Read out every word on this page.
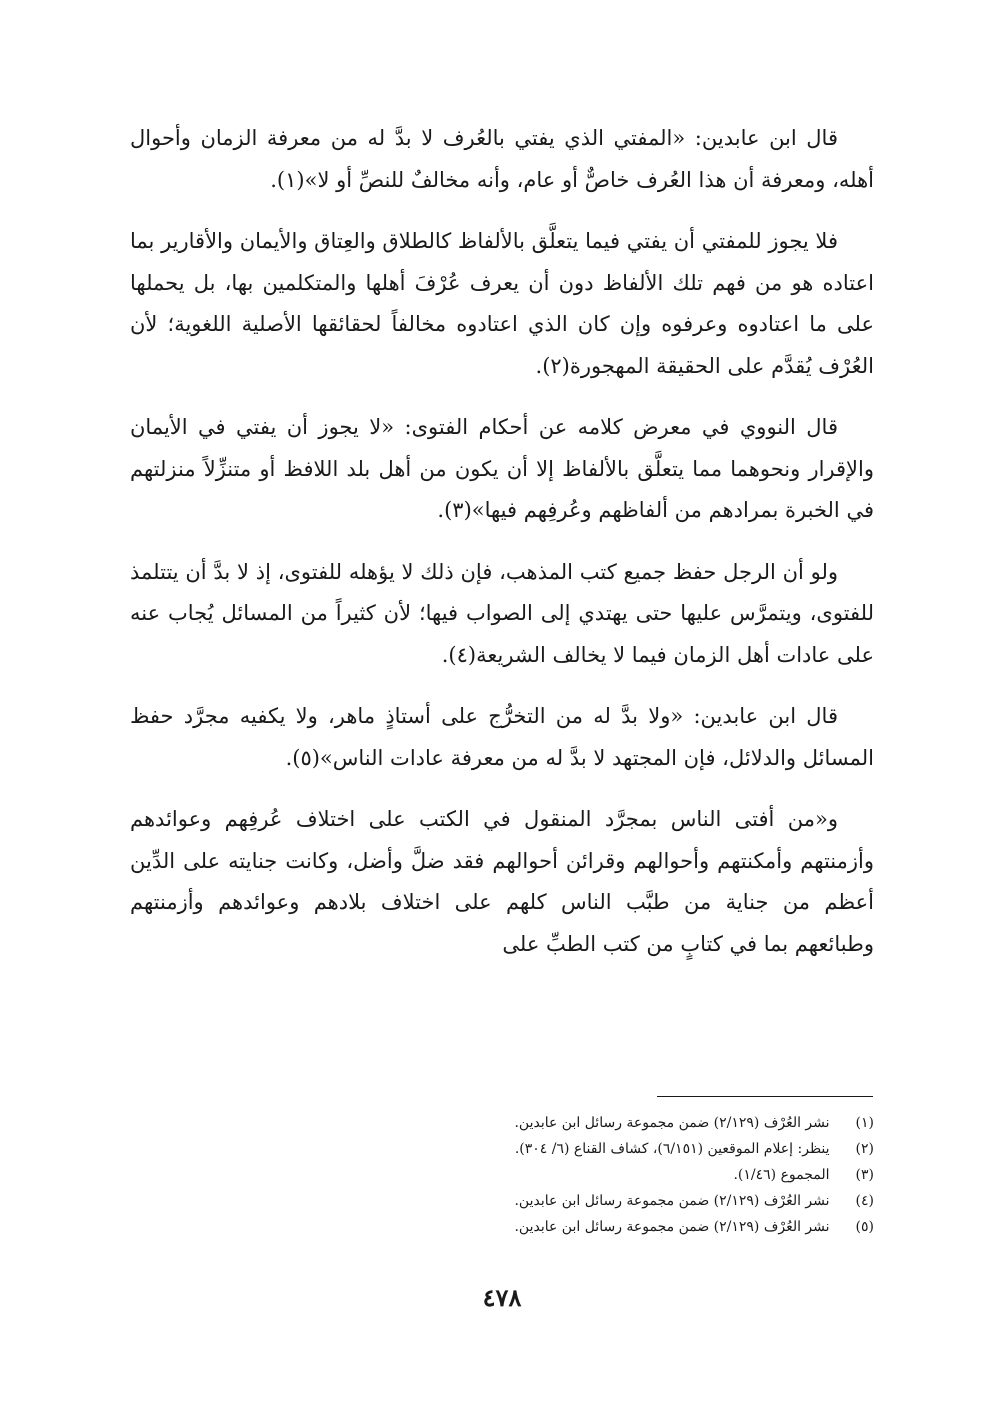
قال ابن عابدين: «المفتي الذي يفتي بالعُرف لا بدَّ له من معرفة الزمان وأحوال أهله، ومعرفة أن هذا العُرف خاصٌّ أو عام، وأنه مخالفٌ للنصِّ أو لا»(١).

فلا يجوز للمفتي أن يفتي فيما يتعلَّق بالألفاظ كالطلاق والعِتاق والأيمان والأقارير بما اعتاده هو من فهم تلك الألفاظ دون أن يعرف عُرْفَ أهلها والمتكلمين بها، بل يحملها على ما اعتادوه وعرفوه وإن كان الذي اعتادوه مخالفاً لحقائقها الأصلية اللغوية؛ لأن العُرْف يُقدَّم على الحقيقة المهجورة(٢).

قال النووي في معرض كلامه عن أحكام الفتوى: «لا يجوز أن يفتي في الأيمان والإقرار ونحوهما مما يتعلَّق بالألفاظ إلا أن يكون من أهل بلد اللافظ أو متنزِّلاً منزلتهم في الخبرة بمرادهم من ألفاظهم وعُرفِهم فيها»(٣).

ولو أن الرجل حفظ جميع كتب المذهب، فإن ذلك لا يؤهله للفتوى، إذ لا بدَّ أن يتتلمذ للفتوى، ويتمرَّس عليها حتى يهتدي إلى الصواب فيها؛ لأن كثيراً من المسائل يُجاب عنه على عادات أهل الزمان فيما لا يخالف الشريعة(٤).

قال ابن عابدين: «ولا بدَّ له من التخرُّج على أستاذٍ ماهر، ولا يكفيه مجرَّد حفظ المسائل والدلائل، فإن المجتهد لا بدَّ له من معرفة عادات الناس»(٥).

و«من أفتى الناس بمجرَّد المنقول في الكتب على اختلاف عُرفِهم وعوائدهم وأزمنتهم وأمكنتهم وأحوالهم وقرائن أحوالهم فقد ضلَّ وأضل، وكانت جنايته على الدِّين أعظم من جناية من طبَّب الناس كلهم على اختلاف بلادهم وعوائدهم وأزمنتهم وطبائعهم بما في كتابٍ من كتب الطبِّ على

(١) نشر العُرْف (٢/١٢٩) ضمن مجموعة رسائل ابن عابدين.

(٢) ينظر: إعلام الموقعين (٦/١٥١)، كشاف القناع (٦/ ٣٠٤).

(٣) المجموع (١/٤٦).

(٤) نشر العُرْف (٢/١٢٩) ضمن مجموعة رسائل ابن عابدين.

(٥) نشر العُرْف (٢/١٢٩) ضمن مجموعة رسائل ابن عابدين.

٤٧٨
